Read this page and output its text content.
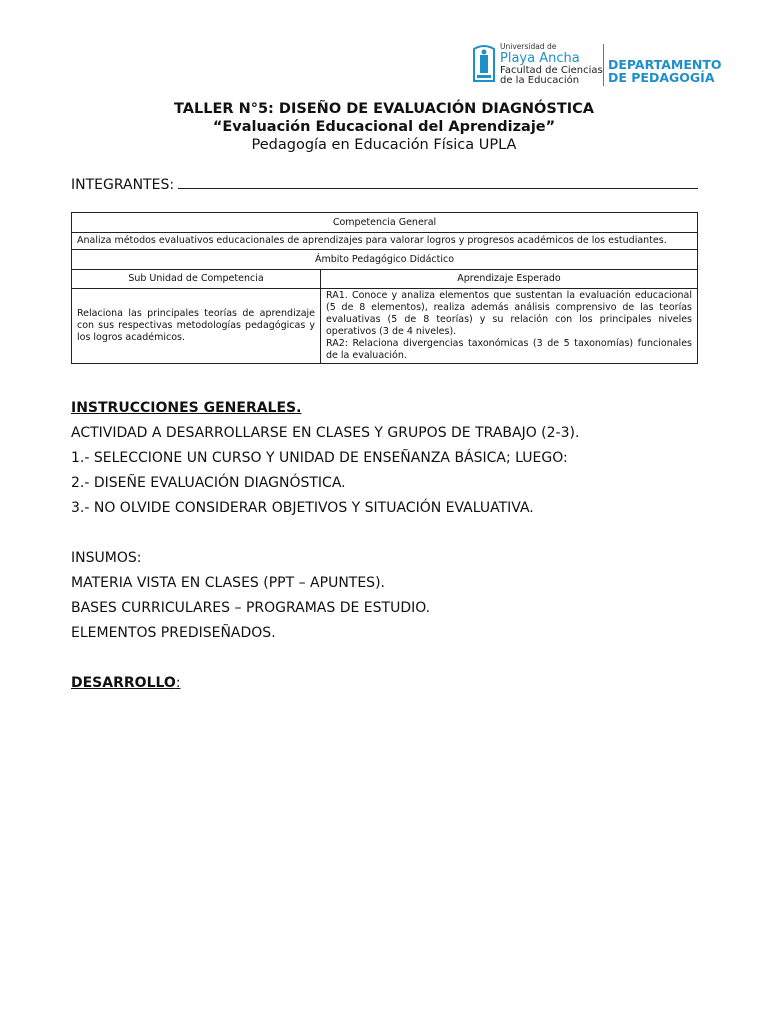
Universidad de
Playa Ancha
Facultad de Ciencias
de la Educación
DEPARTAMENTO
DE PEDAGOGÍA
TALLER N°5: DISEÑO DE EVALUACIÓN DIAGNÓSTICA
“Evaluación Educacional del Aprendizaje”
Pedagogía en Educación Física UPLA
INTEGRANTES:
Competencia General	
Analiza métodos evaluativos educacionales de aprendizajes para valorar logros y progresos académicos de los estudiantes.	
Ámbito Pedagógico Didáctico	
Sub Unidad de Competencia	Aprendizaje Esperado
Relaciona las principales teorías de aprendizaje con sus respectivas metodologías pedagógicas y los logros académicos.	RA1. Conoce y analiza elementos que sustentan la evaluación educacional (5 de 8 elementos), realiza además análisis comprensivo de las teorías evaluativas (5 de 8 teorías) y su relación con los principales niveles operativos (3 de 4 niveles).
RA2: Relaciona divergencias taxonómicas (3 de 5 taxonomías) funcionales de la evaluación.

INSTRUCCIONES GENERALES.

ACTIVIDAD A DESARROLLARSE EN CLASES Y GRUPOS DE TRABAJO (2-3).

1.- SELECCIONE UN CURSO Y UNIDAD DE ENSEÑANZA BÁSICA; LUEGO:

2.- DISEÑE EVALUACIÓN DIAGNÓSTICA.

3.- NO OLVIDE CONSIDERAR OBJETIVOS Y SITUACIÓN EVALUATIVA.

INSUMOS:

MATERIA VISTA EN CLASES (PPT – APUNTES).

BASES CURRICULARES – PROGRAMAS DE ESTUDIO.

ELEMENTOS PREDISEÑADOS.

DESARROLLO:
